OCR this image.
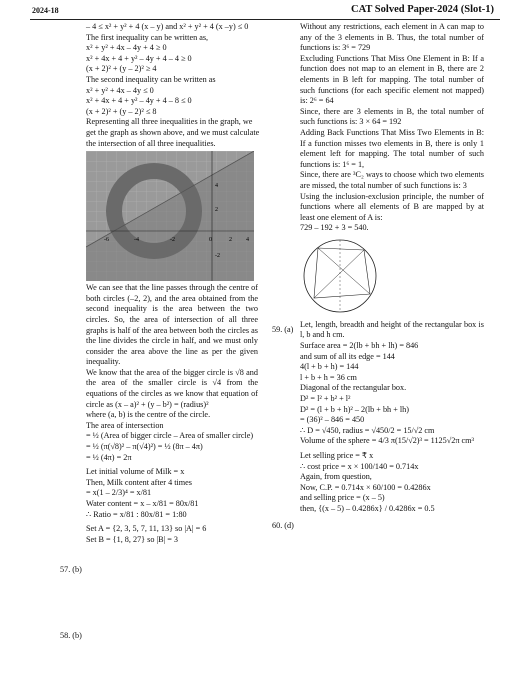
2024-18	CAT Solved Paper-2024 (Slot-1)
– 4 ≤ x² + y² + 4 (x – y) and x² + y² + 4 (x –y) ≤ 0
The first inequality can be written as,
x² + y² + 4x – 4y + 4 ≥ 0
x² + 4x + 4 + y² – 4y + 4 – 4 ≥ 0
(x + 2)² + (y – 2)² ≥ 4
The second inequality can be written as
x² + y² + 4x – 4y ≤ 0
x² + 4x + 4 + y² – 4y + 4 – 8 ≤ 0
(x + 2)² + (y – 2)² ≤ 8
Representing all three inequalities in the graph, we
get the graph as shown above, and we must calculate
the intersection of all three inequalities.
-6	-4	-2	0	2 4
4
2
-2
We can see that the line passes through the centre of both circles (–2, 2), and the area obtained from the second inequality is the area between the two circles. So, the area of intersection of all three graphs is half of the area between both the circles as the line divides the circle in half, and we must only consider the area above the line as per the given inequality.
We know that the area of the bigger circle is √8 and the area of the smaller circle is √4 from the equations of the circles as we know that equation of circle as (x – a)² + (y – b²) = (radius)²
where (a, b) is the centre of the circle.
The area of intersection
= ½ (Area of bigger circle – Area of smaller circle)
= ½ (π(√8)² – π(√4)²) = ½ (8π – 4π)
= ½ (4π) = 2π
Let initial volume of Milk = x
Then, Milk content after 4 times
= x(1 – 2/3)⁴ = x/81
Water content = x – x/81 = 80x/81
∴ Ratio = x/81 : 80x/81 = 1:80
Set A = {2, 3, 5, 7, 11, 13} so |A| = 6
Set B = {1, 8, 27} so |B| = 3
57. (b)
58. (b)
Without any restrictions, each element in A can map to any of the 3 elements in B. Thus, the total number of functions is: 3⁶ = 729
Excluding Functions That Miss One Element in B: If a function does not map to an element in B, there are 2 elements in B left for mapping. The total number of such functions (for each specific element not mapped) is: 2⁶ = 64
Since, there are 3 elements in B, the total number of such functions is: 3 × 64 = 192
Adding Back Functions That Miss Two Elements in B: If a function misses two elements in B, there is only 1 element left for mapping. The total number of such functions is: 1⁶ = 1,
Since, there are ³C₂ ways to choose which two elements are missed, the total number of such functions is: 3
Using the inclusion-exclusion principle, the number of functions where all elements of B are mapped by at least one element of A is:
729 – 192 + 3 = 540.
Let, length, breadth and height of the rectangular box is l, b and h cm.
Surface area = 2(lb + bh + lh) = 846
and sum of all its edge = 144
4(l + b + h) = 144
l + b + h = 36 cm
Diagonal of the rectangular box.
D² = l² + b² + l²
D² = (l + b + h)² – 2(lb + bh + lh)
= (36)² – 846 = 450
∴ D = √450, radius = √450/2 = 15/√2 cm
Volume of the sphere = 4/3 π(15/√2)³ = 1125√2π cm³
Let selling price = ₹ x
∴ cost price = x × 100/140 = 0.714x
Again, from question,
Now, C.P. = 0.714x × 60/100 = 0.4286x
and selling price = (x – 5)
then, {(x – 5) – 0.4286x} / 0.4286x = 0.5
59. (a)
60. (d)
